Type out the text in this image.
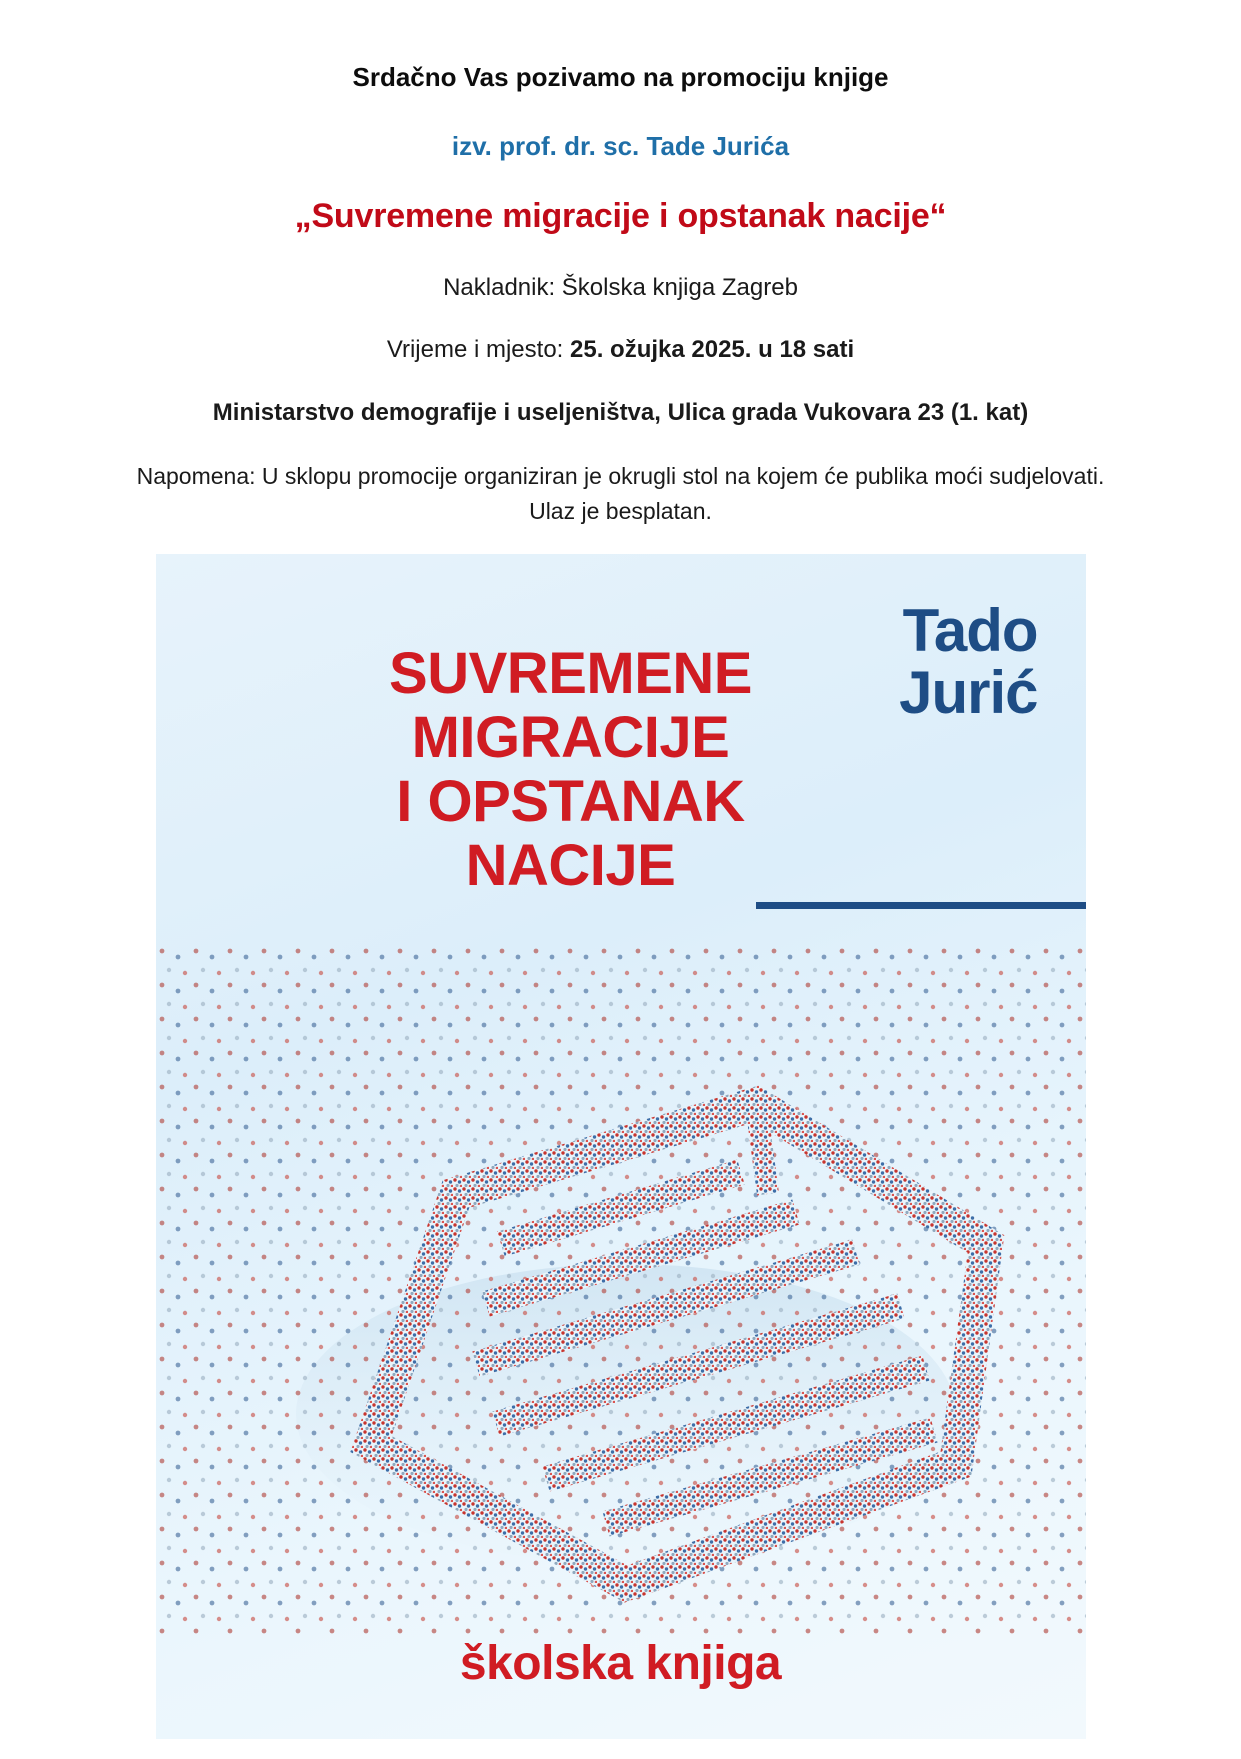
Srdačno Vas pozivamo na promociju knjige

izv. prof. dr. sc. Tade Jurića

„Suvremene migracije i opstanak nacije“

Nakladnik: Školska knjiga Zagreb

Vrijeme i mjesto: 25. ožujka 2025. u 18 sati

Ministarstvo demografije i useljeništva, Ulica grada Vukovara 23 (1. kat)

Napomena: U sklopu promocije organiziran je okrugli stol na kojem će publika moći sudjelovati. Ulaz je besplatan.

Tado
Jurić
SUVREMENE
MIGRACIJE
I OPSTANAK
NACIJE
školska knjiga
